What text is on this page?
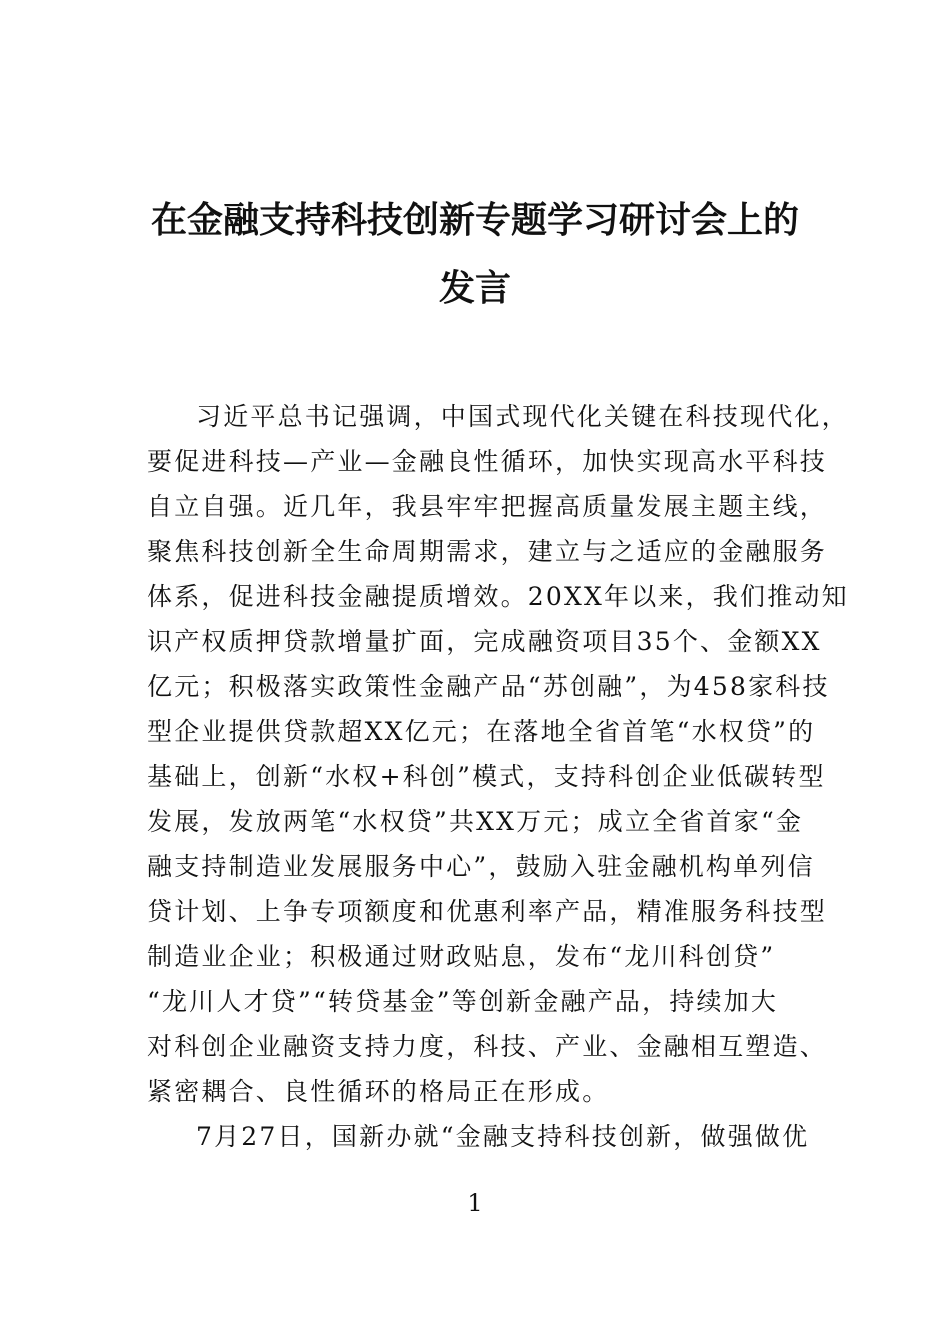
在金融支持科技创新专题学习研讨会上的
发言
习近平总书记强调，中国式现代化关键在科技现代化，
要促进科技—产业—金融良性循环，加快实现高水平科技
自立自强。近几年，我县牢牢把握高质量发展主题主线，
聚焦科技创新全生命周期需求，建立与之适应的金融服务
体系，促进科技金融提质增效。20XX年以来，我们推动知
识产权质押贷款增量扩面，完成融资项目35个、金额XX
亿元；积极落实政策性金融产品“苏创融”，为458家科技
型企业提供贷款超XX亿元；在落地全省首笔“水权贷”的
基础上，创新“水权+科创”模式，支持科创企业低碳转型
发展，发放两笔“水权贷”共XX万元；成立全省首家“金
融支持制造业发展服务中心”，鼓励入驻金融机构单列信
贷计划、上争专项额度和优惠利率产品，精准服务科技型
制造业企业；积极通过财政贴息，发布“龙川科创贷”
“龙川人才贷”“转贷基金”等创新金融产品，持续加大
对科创企业融资支持力度，科技、产业、金融相互塑造、
紧密耦合、良性循环的格局正在形成。
7月27日，国新办就“金融支持科技创新，做强做优
1
